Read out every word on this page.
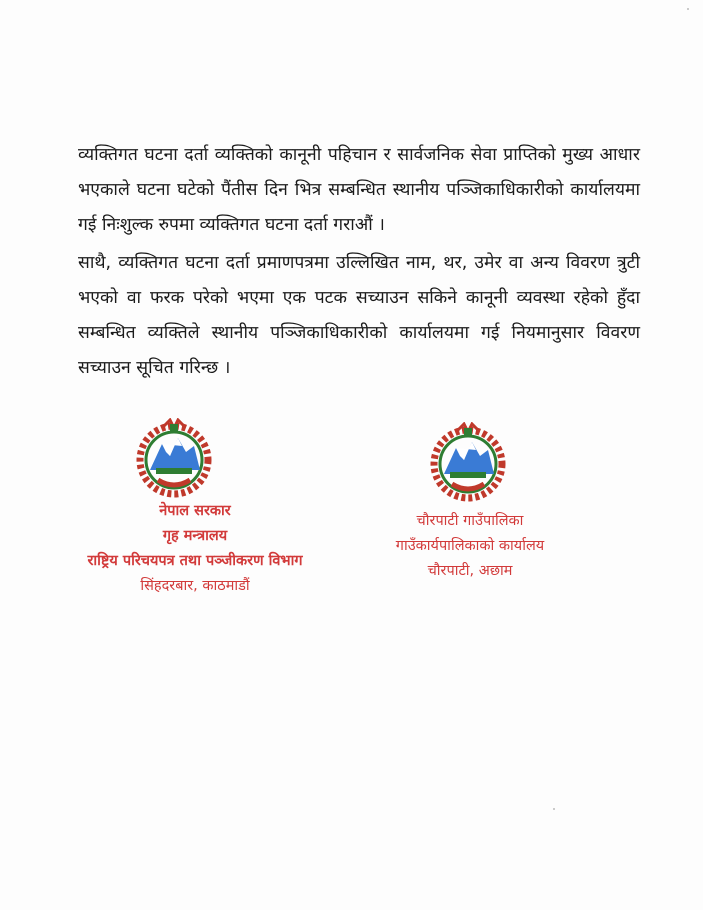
व्यक्तिगत घटना दर्ता व्यक्तिको कानूनी पहिचान र सार्वजनिक सेवा प्राप्तिको मुख्य आधार भएकाले घटना घटेको पैंतीस दिन भित्र सम्बन्धित स्थानीय पञ्जिकाधिकारीको कार्यालयमा गई निःशुल्क रुपमा व्यक्तिगत घटना दर्ता गराऔं ।

साथै, व्यक्तिगत घटना दर्ता प्रमाणपत्रमा उल्लिखित नाम, थर, उमेर वा अन्य विवरण त्रुटी भएको वा फरक परेको भएमा एक पटक सच्याउन सकिने कानूनी व्यवस्था रहेको हुँदा सम्बन्धित व्यक्तिले स्थानीय पञ्जिकाधिकारीको कार्यालयमा गई नियमानुसार विवरण सच्याउन सूचित गरिन्छ ।

नेपाल सरकार
गृह मन्त्रालय
राष्ट्रिय परिचयपत्र तथा पञ्जीकरण विभाग
सिंहदरबार, काठमाडौं
चौरपाटी गाउँपालिका
गाउँकार्यपालिकाको कार्यालय
चौरपाटी, अछाम
